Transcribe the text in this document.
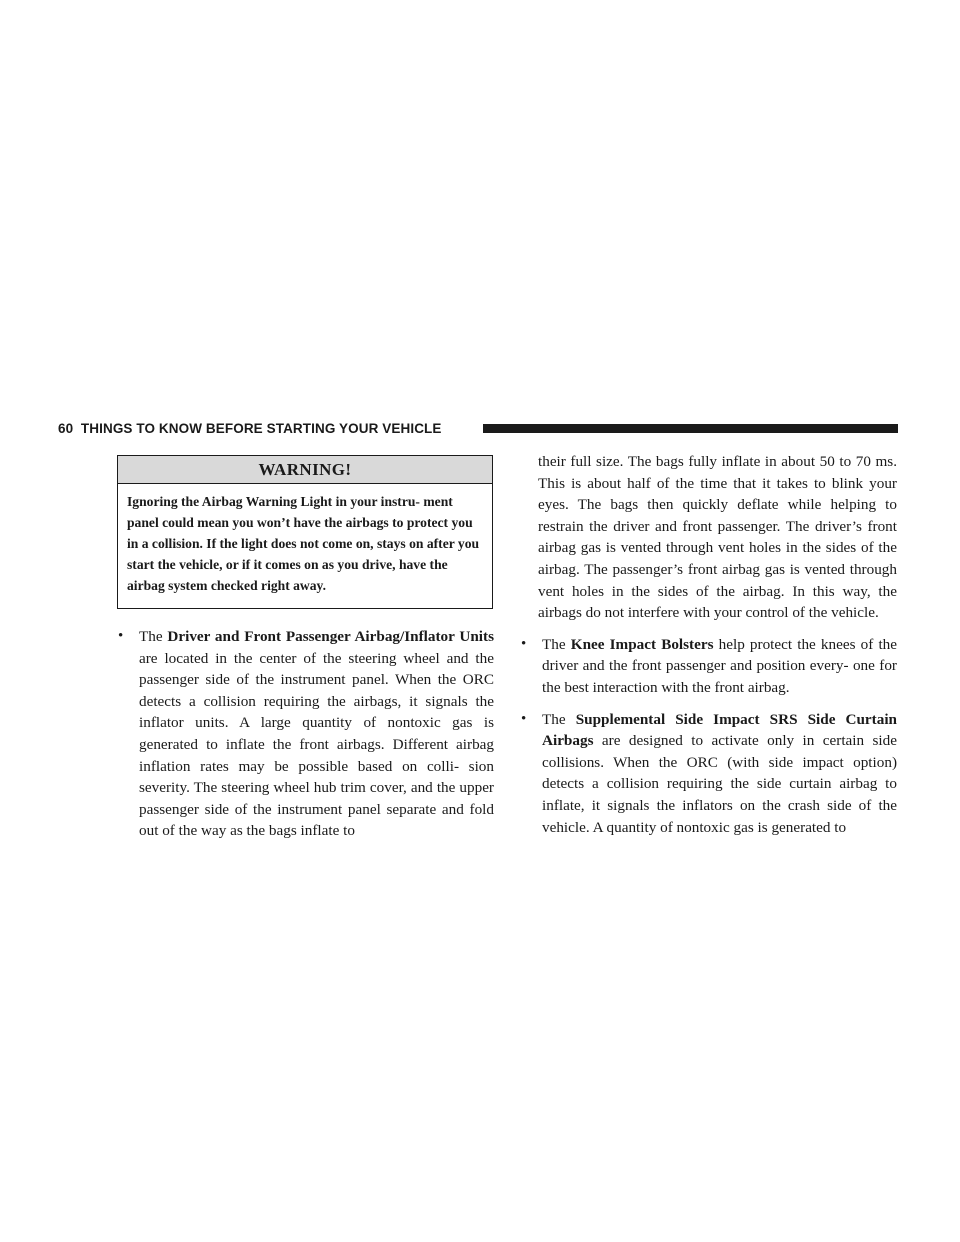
60 THINGS TO KNOW BEFORE STARTING YOUR VEHICLE
WARNING!
Ignoring the Airbag Warning Light in your instru- ment panel could mean you won’t have the airbags to protect you in a collision. If the light does not come on, stays on after you start the vehicle, or if it comes on as you drive, have the airbag system checked right away.
• The Driver and Front Passenger Airbag/Inflator Units are located in the center of the steering wheel and the passenger side of the instrument panel. When the ORC detects a collision requiring the airbags, it signals the inflator units. A large quantity of nontoxic gas is generated to inflate the front airbags. Different airbag inflation rates may be possible based on colli- sion severity. The steering wheel hub trim cover, and the upper passenger side of the instrument panel separate and fold out of the way as the bags inflate to
their full size. The bags fully inflate in about 50 to 70 ms. This is about half of the time that it takes to blink your eyes. The bags then quickly deflate while helping to restrain the driver and front passenger. The driver’s front airbag gas is vented through vent holes in the sides of the airbag. The passenger’s front airbag gas is vented through vent holes in the sides of the airbag. In this way, the airbags do not interfere with your control of the vehicle.
• The Knee Impact Bolsters help protect the knees of the driver and the front passenger and position every- one for the best interaction with the front airbag.
• The Supplemental Side Impact SRS Side Curtain Airbags are designed to activate only in certain side collisions. When the ORC (with side impact option) detects a collision requiring the side curtain airbag to inflate, it signals the inflators on the crash side of the vehicle. A quantity of nontoxic gas is generated to
